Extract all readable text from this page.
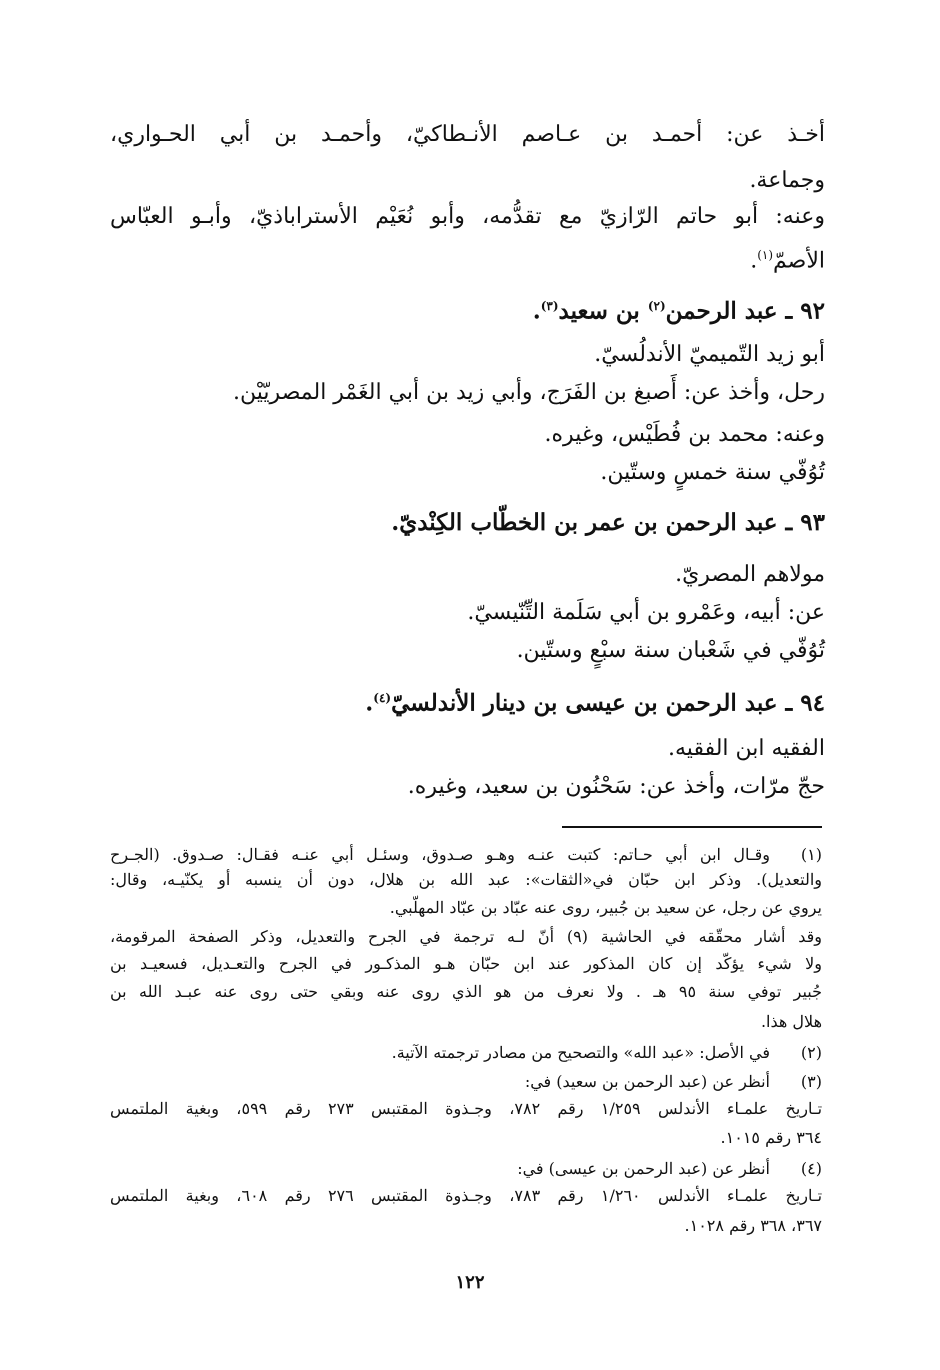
أخـذ عن: أحمـد بن عـاصم الأنـطاكيّ، وأحمـد بن أبي الحـواري،
وجماعة.
وعنه: أبو حاتم الرّازيّ مع تقدُّمه، وأبو نُعَيْم الأستراباذيّ، وأبـو العبّاس
الأصمّ$^{(١)}$.
٩٢ ـ عبد الرحمن$^{(٢)}$ بن سعيد$^{(٣)}$.
أبو زيد التّميميّ الأندلُسيّ.
رحل، وأخذ عن: أَصبغ بن الفَرَج، وأبي زيد بن أبي الغَمْر المصريّيْن.
وعنه: محمد بن فُطَيْس، وغيره.
تُوُفّي سنة خمسٍ وستّين.
٩٣ ـ عبد الرحمن بن عمر بن الخطّاب الكِنْديّ.
مولاهم المصريّ.
عن: أبيه، وعَمْرو بن أبي سَلَمة التِّنّيسيّ.
تُوُفّي في شَعْبان سنة سبْعٍ وستّين.
٩٤ ـ عبد الرحمن بن عيسى بن دينار الأندلسيّ$^{(٤)}$.
الفقيه ابن الفقيه.
حجّ مرّات، وأخذ عن: سَحْنُون بن سعيد، وغيره.
(١)وقـال ابن أبي حـاتم: كتبت عنـه وهـو صـدوق، وسئـل أبي عنـه فقـال: صـدوق. (الجـرح
والتعديل). وذكر ابن حبّان في«الثقات»: عبد الله بن هلال، دون أن ينسبه أو يكنّيـه، وقال:
يروي عن رجل، عن سعيد بن جُبير، روى عنه عبّاد بن عبّاد المهلّبي.
وقد أشار محقّقه في الحاشية (٩) أنّ لـه ترجمة في الجرح والتعديل، وذكر الصفحة المرقومة،
ولا شيء يؤكّد إن كان المذكور عند ابن حبّان هـو المذكـور في الجرح والتعـديل، فسعيـد بن
جُبير توفي سنة ٩٥ هـ . ولا نعرف من هو الذي روى عنه وبقي حتى روى عنه عبـد الله بن
هلال هذا.
(٢)في الأصل: «عبد الله» والتصحيح من مصادر ترجمته الآتية.
(٣)أنظر عن (عبد الرحمن بن سعيد) في:
تـاريخ علمـاء الأندلس ١/٢٥٩ رقم ٧٨٢، وجـذوة المقتبس ٢٧٣ رقم ٥٩٩، وبغية الملتمس
٣٦٤ رقم ١٠١٥.
(٤)أنظر عن (عبد الرحمن بن عيسى) في:
تـاريخ علمـاء الأندلس ١/٢٦٠ رقم ٧٨٣، وجـذوة المقتبس ٢٧٦ رقم ٦٠٨، وبغية الملتمس
٣٦٧، ٣٦٨ رقم ١٠٢٨.
١٢٢
